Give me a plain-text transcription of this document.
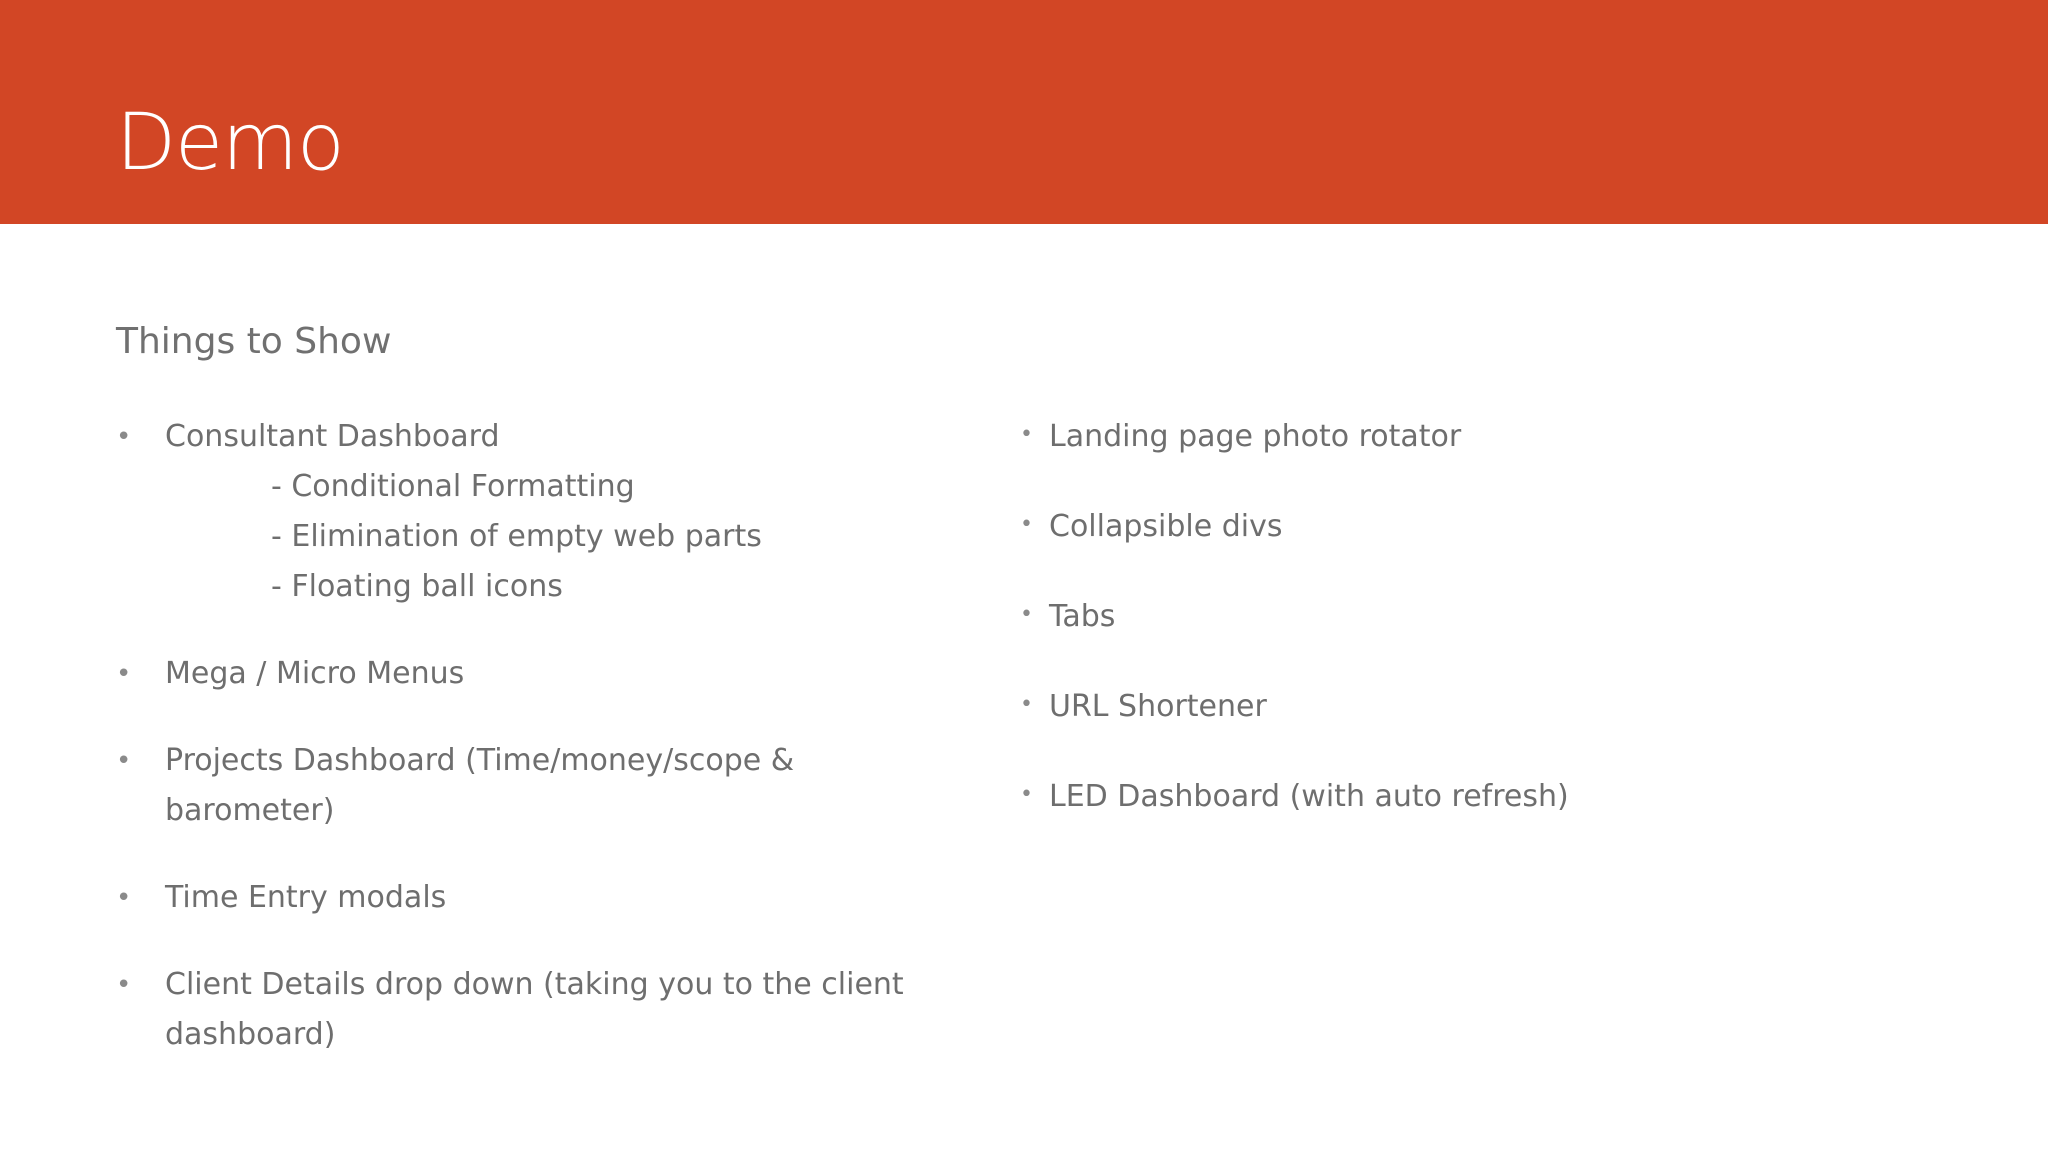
Demo
Things to Show
• Consultant Dashboard
- Conditional Formatting
- Elimination of empty web parts
- Floating ball icons
• Mega / Micro Menus
• Projects Dashboard (Time/money/scope & barometer)
• Time Entry modals
• Client Details drop down (taking you to the client dashboard)
• Landing page photo rotator
• Collapsible divs
• Tabs
• URL Shortener
• LED Dashboard (with auto refresh)
